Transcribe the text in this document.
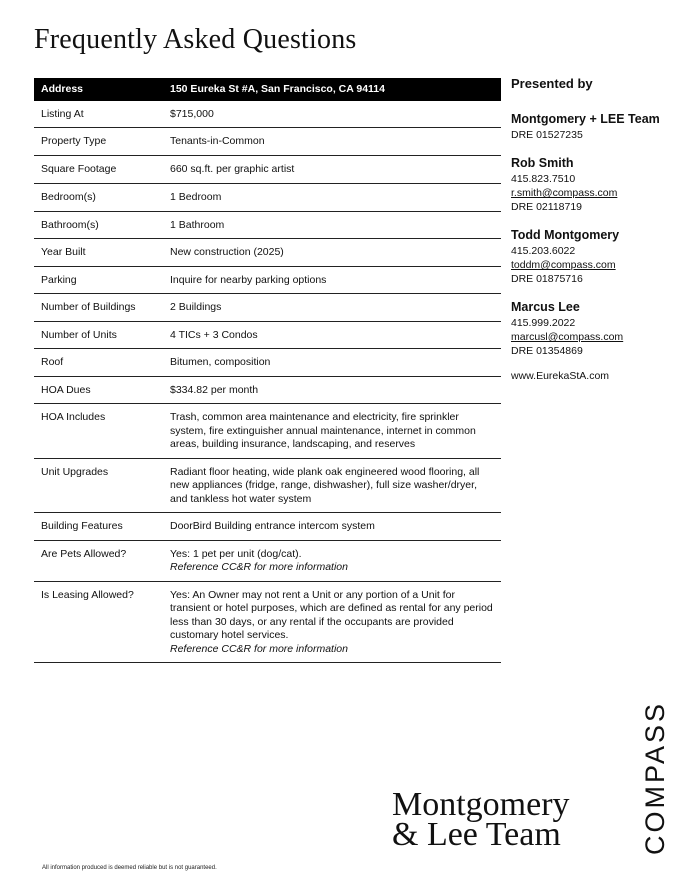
Frequently Asked Questions
Address	150 Eureka St #A, San Francisco, CA 94114
Listing At	$715,000
Property Type	Tenants-in-Common
Square Footage	660 sq.ft. per graphic artist
Bedroom(s)	1 Bedroom
Bathroom(s)	1 Bathroom
Year Built	New construction (2025)
Parking	Inquire for nearby parking options
Number of Buildings	2 Buildings
Number of Units	4 TICs + 3 Condos
Roof	Bitumen, composition
HOA Dues	$334.82 per month
HOA Includes	Trash, common area maintenance and electricity, fire sprinkler system, fire extinguisher annual maintenance, internet in common areas, building insurance, landscaping, and reserves
Unit Upgrades	Radiant floor heating, wide plank oak engineered wood flooring, all new appliances (fridge, range, dishwasher), full size washer/dryer, and tankless hot water system
Building Features	DoorBird Building entrance intercom system
Are Pets Allowed?	Yes: 1 pet per unit (dog/cat).
Reference CC&R for more information

Is Leasing Allowed?	Yes: An Owner may not rent a Unit or any portion of a Unit for transient or hotel purposes, which are defined as rental for any period less than 30 days, or any rental if the occupants are provided customary hotel services.
Reference CC&R for more information
Presented by
Montgomery + LEE Team
DRE 01527235
Rob Smith
415.823.7510
r.smith@compass.com
DRE 02118719
Todd Montgomery
415.203.6022
toddm@compass.com
DRE 01875716
Marcus Lee
415.999.2022
marcusl@compass.com
DRE 01354869
www.EurekaStA.com
Montgomery
& Lee Team	COMPASS
All information produced is deemed reliable but is not guaranteed.
